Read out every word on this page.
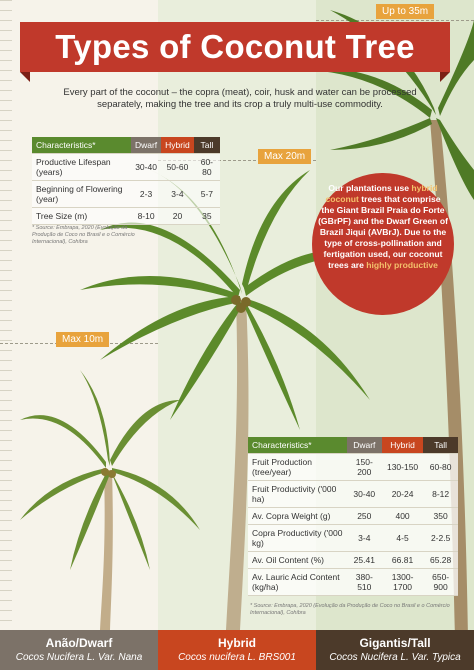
Up to 35m
Max 20m
Max 10m
Types of Coconut Tree
Every part of the coconut – the copra (meat), coir, husk and water can be processed separately, making the tree and its crop a truly multi-use commodity.
Characteristics*	Dwarf	Hybrid	Tall
Productive Lifespan (years)	30-40	50-60	60-80
Beginning of Flowering (year)	2-3	3-4	5-7
Tree Size (m)	8-10	20	35
* Source: Embrapa, 2020 (Evolução da Produção de Coco no Brasil e o Comércio Internacional), Cohibra

Our plantations use hybrid coconut trees that comprise the Giant Brazil Praia do Forte (GBrPF) and the Dwarf Green of Brazil Jiqui (AVBrJ). Due to the type of cross-pollination and fertigation used, our coconut trees are highly productive

Characteristics*	Dwarf	Hybrid	Tall
Fruit Production (tree/year)	150-200	130-150	60-80
Fruit Productivity ('000 ha)	30-40	20-24	8-12
Av. Copra Weight (g)	250	400	350
Copra Productivity ('000 kg)	3-4	4-5	2-2.5
Av. Oil Content (%)	25.41	66.81	65.28
Av. Lauric Acid Content (kg/ha)	380-510	1300-1700	650-900
* Source: Embrapa, 2020 (Evolução da Produção de Coco no Brasil e o Comércio Internacional), Cohibra
Anão/Dwarf
Cocos Nucifera L. Var. Nana
Hybrid
Cocos nucifera L. BRS001
Gigantis/Tall
Cocos Nucifera L. Var. Typica
